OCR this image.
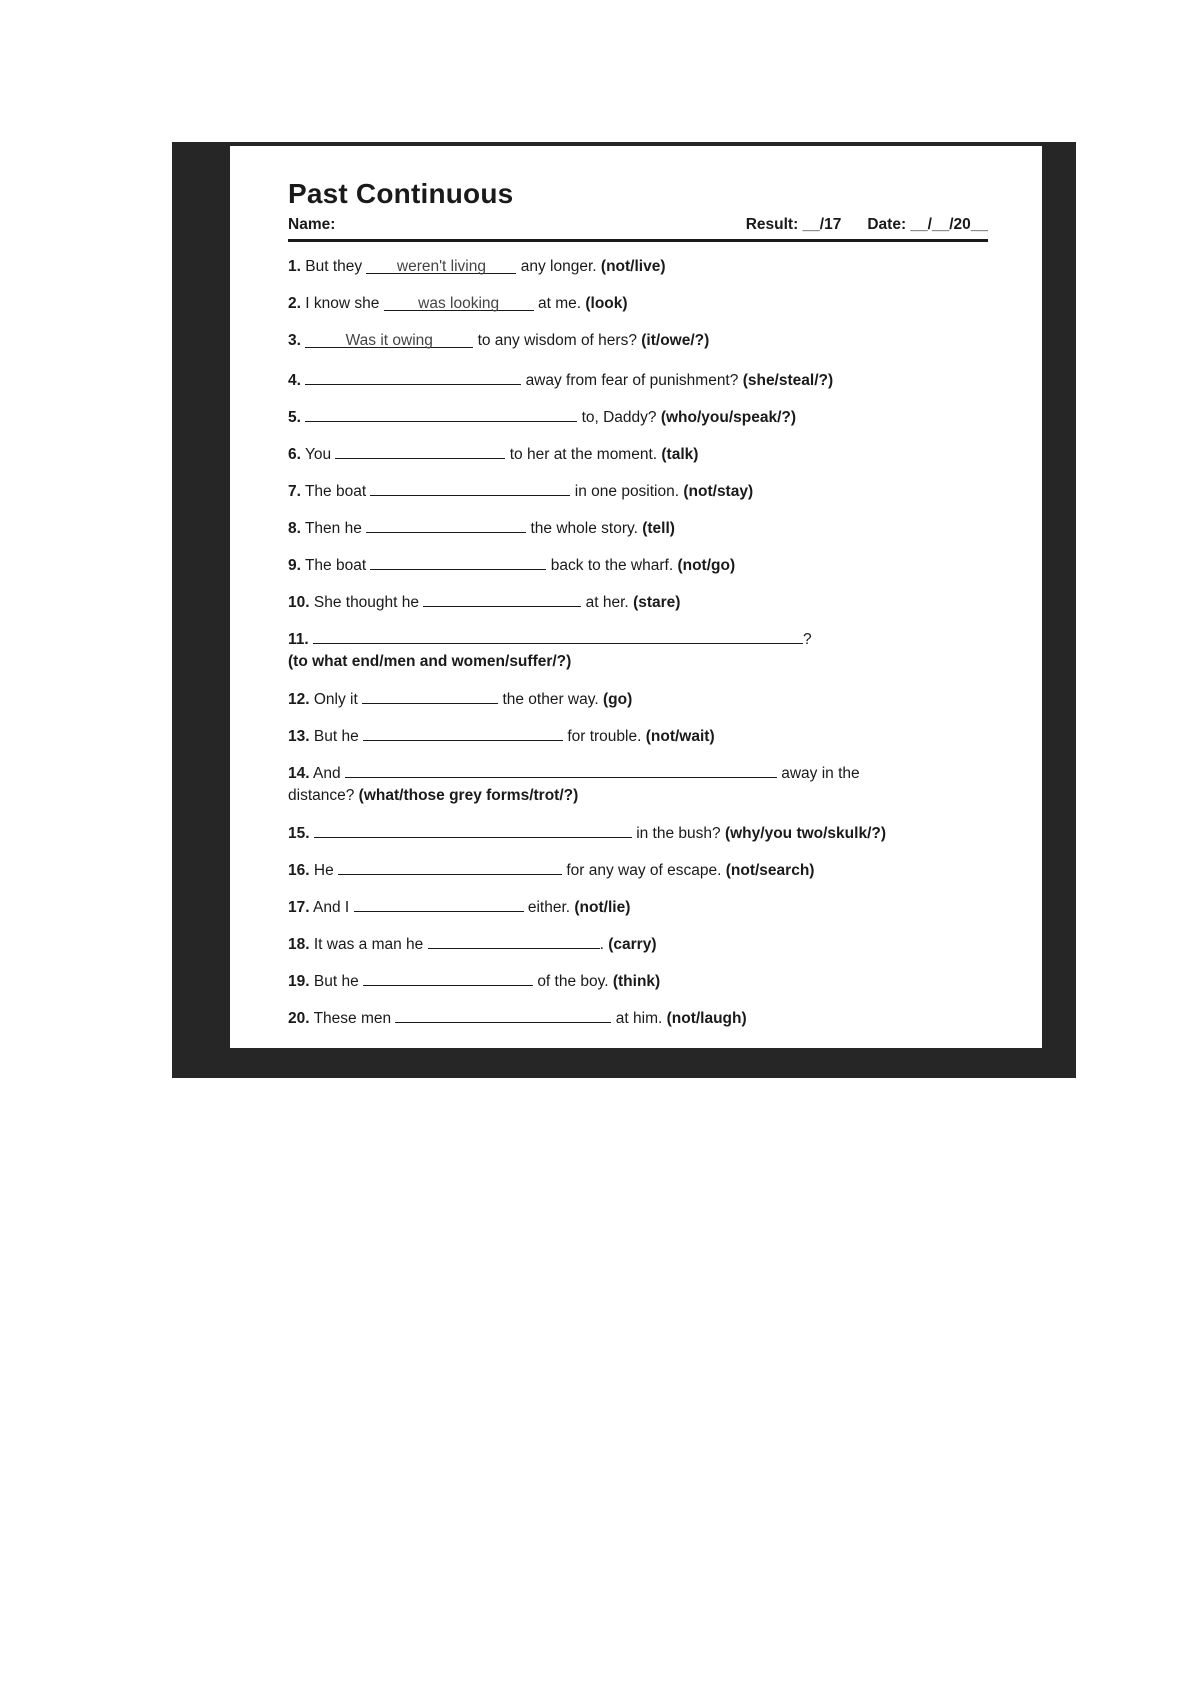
Past Continuous
Name:	Result: __/17 Date: __/__/20__
1. But they weren't living any longer. (not/live)
2. I know she	was looking	at me. (look)
3.	Was it owing	to any wisdom of hers? (it/owe/?)
4.	away from fear of punishment? (she/steal/?)
5.	to, Daddy? (who/you/speak/?)
6. You	to her at the moment. (talk)
7. The boat	in one position. (not/stay)
8. Then he	the whole story. (tell)
9. The boat	back to the wharf. (not/go)
10. She thought he	at her. (stare)
11.	?
(to what end/men and women/suffer/?)
12. Only it	the other way. (go)
13. But he	for trouble. (not/wait)
14. And	away in the
distance? (what/those grey forms/trot/?)
15.	in the bush? (why/you two/skulk/?)
16. He	for any way of escape. (not/search)
17. And I	either. (not/lie)
18. It was a man he	. (carry)
19. But he	of the boy. (think)
20. These men	at him. (not/laugh)
